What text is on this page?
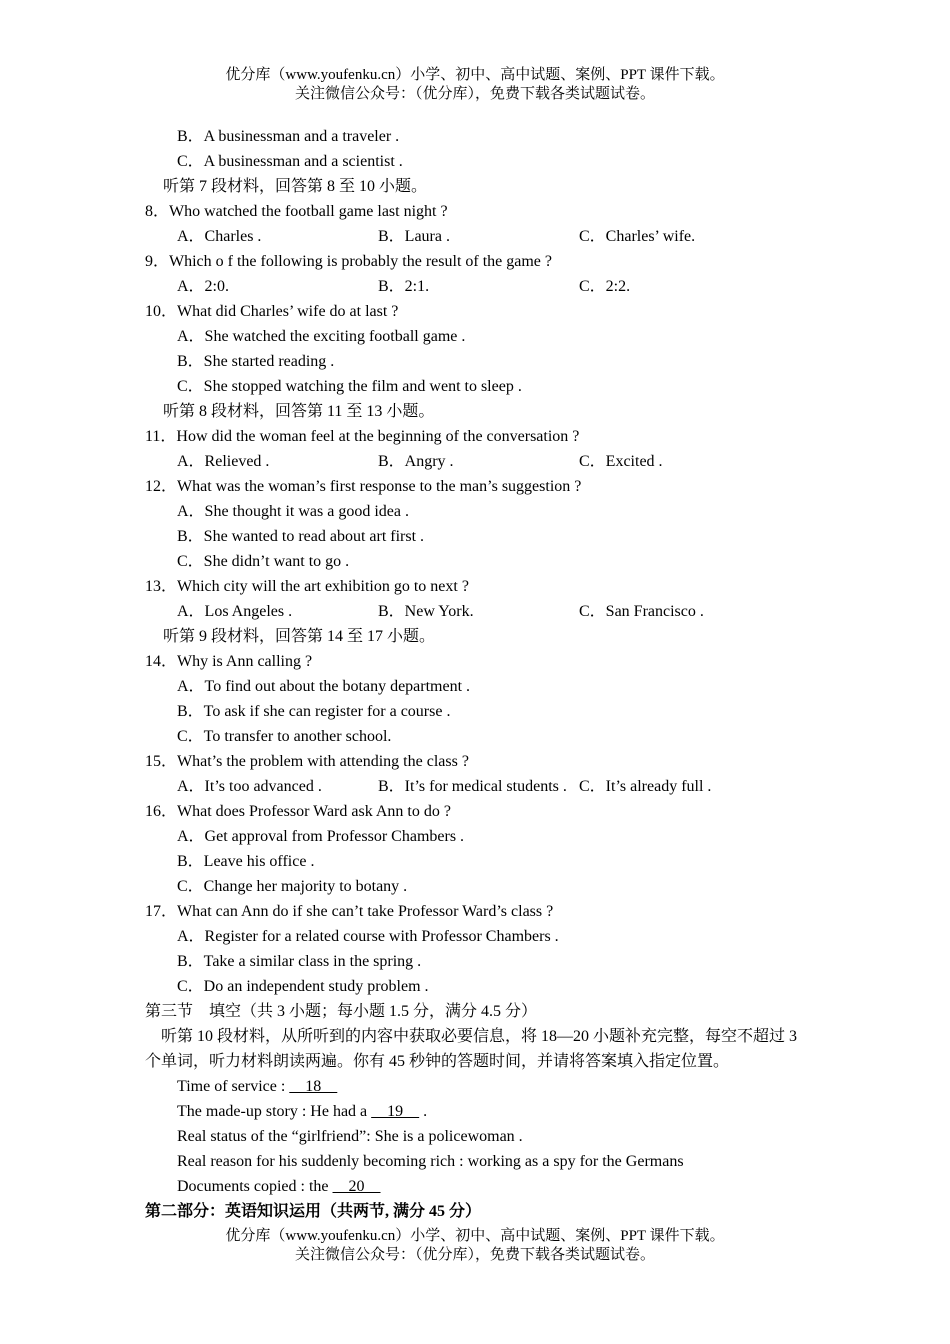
优分库（www.youfenku.cn）小学、初中、高中试题、案例、PPT 课件下载。
关注微信公众号：（优分库），免费下载各类试题试卷。
B．A businessman and a traveler .
C．A businessman and a scientist .
听第 7 段材料，回答第 8 至 10 小题。
8．Who watched the football game last night ?
A．Charles .	B．Laura .	C．Charles’ wife.
9．Which o f the following is probably the result of the game ?
A．2:0.	B．2:1.	C．2:2.
10．What did Charles’ wife do at last ?
A．She watched the exciting football game .
B．She started reading .
C．She stopped watching the film and went to sleep .
听第 8 段材料，回答第 11 至 13 小题。
11．How did the woman feel at the beginning of the conversation ?
A．Relieved .	B．Angry .	C．Excited .
12．What was the woman’s first response to the man’s suggestion ?
A．She thought it was a good idea .
B．She wanted to read about art first .
C．She didn’t want to go .
13．Which city will the art exhibition go to next ?
A．Los Angeles .	B．New York.	C．San Francisco .
听第 9 段材料，回答第 14 至 17 小题。
14．Why is Ann calling ?
A．To find out about the botany department .
B．To ask if she can register for a course .
C．To transfer to another school.
15．What’s the problem with attending the class ?
A．It’s too advanced .	B．It’s for medical students . C．It’s already full .
16．What does Professor Ward ask Ann to do ?
A．Get approval from Professor Chambers .
B．Leave his office .
C．Change her majority to botany .
17．What can Ann do if she can’t take Professor Ward’s class ?
A．Register for a related course with Professor Chambers .
B．Take a similar class in the spring .
C．Do an independent study problem .
第三节　填空（共 3 小题；每小题 1.5 分，满分 4.5 分）
听第 10 段材料，从所听到的内容中获取必要信息，将 18—20 小题补充完整，每空不超过 3 个单词，听力材料朗读两遍。你有 45 秒钟的答题时间，并请将答案填入指定位置。
Time of service :     18
The made-up story : He had a     19     .
Real status of the “girlfriend”: She is a policewoman .
Real reason for his suddenly becoming rich : working as a spy for the Germans
Documents copied : the     20
第二部分：英语知识运用（共两节, 满分 45 分）
优分库（www.youfenku.cn）小学、初中、高中试题、案例、PPT 课件下载。
关注微信公众号：（优分库），免费下载各类试题试卷。
